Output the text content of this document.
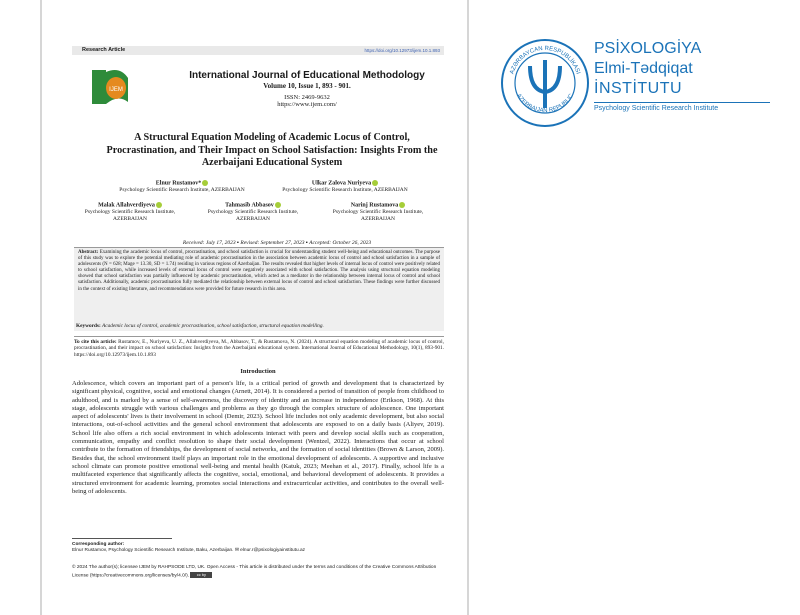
Research Article	https://doi.org/10.12973/ijem.10.1.893
IJEM
International Journal of Educational Methodology
Volume 10, Issue 1, 893 - 901.
ISSN: 2469-9632
https://www.ijem.com/
A Structural Equation Modeling of Academic Locus of Control, Procrastination, and Their Impact on School Satisfaction: Insights From the Azerbaijani Educational System
Elnur Rustamov*
Psychology Scientific Research Institute, AZERBAIJAN
Ulkar Zalova Nuriyeva
Psychology Scientific Research Institute, AZERBAIJAN
Malak Allahverdiyeva
Psychology Scientific Research Institute, AZERBAIJAN
Tahmasib Abbasov
Psychology Scientific Research Institute, AZERBAIJAN
Narinj Rustamova
Psychology Scientific Research Institute, AZERBAIJAN
Received: July 17, 2023 ▪ Revised: September 27, 2023 ▪ Accepted: October 26, 2023
Abstract: Examining the academic locus of control, procrastination, and school satisfaction is crucial for understanding student well-being and educational outcomes. The purpose of this study was to explore the potential mediating role of academic procrastination in the association between academic locus of control and school satisfaction in a sample of adolescents (N = 628; Mage = 13.30, SD = 1.74) residing in various regions of Azerbaijan. The results revealed that higher levels of internal locus of control were positively related to school satisfaction, while increased levels of external locus of control were negatively associated with school satisfaction. The analysis using structural equation modeling showed that school satisfaction was partially influenced by academic procrastination, which acted as a mediator in the relationship between internal locus of control and school satisfaction. Additionally, academic procrastination fully mediated the relationship between external locus of control and school satisfaction. These findings were further discussed in the context of existing literature, and recommendations were provided for future research in this area.
Keywords: Academic locus of control, academic procrastination, school satisfaction, structural equation modelling.
To cite this article: Rustamov, E., Nuriyeva, U. Z., Allahverdiyeva, M., Abbasov, T., & Rustamova, N. (2024). A structural equation modeling of academic locus of control, procrastination, and their impact on school satisfaction: Insights from the Azerbaijani educational system. International Journal of Educational Methodology, 10(1), 893-901. https://doi.org/10.12973/ijem.10.1.893
Introduction
Adolescence, which covers an important part of a person's life, is a critical period of growth and development that is characterized by significant physical, cognitive, social and emotional changes (Arnett, 2014). It is considered a period of transition of people from childhood to adulthood, and is marked by a sense of self-awareness, the discovery of identity and an increase in independence (Erikson, 1968). At this stage, adolescents struggle with various challenges and problems as they go through the complex structure of adolescence. One important aspect of adolescents' lives is their involvement in school (Demir, 2023). School life includes not only academic development, but also social interactions, out-of-school activities and the general school environment that adolescents are exposed to on a daily basis (Aliyev, 2019). School life also offers a rich social environment in which adolescents interact with peers and develop social skills such as cooperation, communication, empathy and conflict resolution to shape their social development (Wentzel, 2022). Interactions that occur at school contribute to the formation of friendships, the development of social networks, and the formation of social identities (Brown & Larson, 2009). Besides that, the school environment itself plays an important role in the emotional development of adolescents. A supportive and inclusive school climate can promote positive emotional well-being and mental health (Katuk, 2023; Meehan et al., 2017). Finally, school life is a multifaceted experience that significantly affects the cognitive, social, emotional, and behavioral development of adolescents. It provides a structured environment for academic learning, promotes social interactions and extracurricular activities, and contributes to the overall well-being of adolescents.
Corresponding author:
Elnur Rustamov, Psychology Scientific Research Institute, Baku, Azerbaijan. ✉ elnur.r@psixologiyainstitutu.az
© 2024 The author(s); licensee IJEM by RAHPSODE LTD, UK. Open Access - This article is distributed under the terms and conditions of the Creative Commons Attribution License (https://creativecommons.org/licenses/by/4.0/). cc by
AZƏRBAYCAN RESPUBLİKASI
AZERBAIJAN REPUBLIC
PSİXOLOGİYA
Elmi-Tədqiqat
İNSTİTUTU
Psychology Scientific Research Institute
